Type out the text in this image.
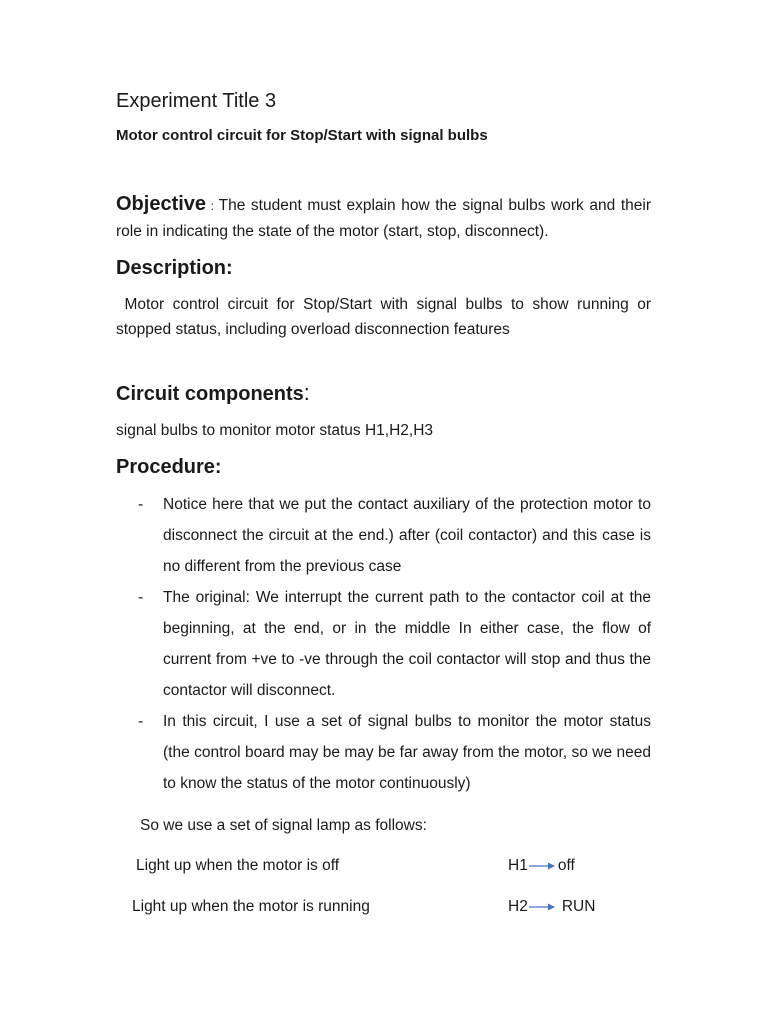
Experiment Title 3
Motor control circuit for Stop/Start with signal bulbs
Objective : The student must explain how the signal bulbs work and their role in indicating the state of the motor (start, stop, disconnect).
Description:
Motor control circuit for Stop/Start with signal bulbs to show running or stopped status, including overload disconnection features
Circuit components:
signal bulbs to monitor motor status H1,H2,H3
Procedure:
- Notice here that we put the contact auxiliary of the protection motor to disconnect the circuit at the end.) after (coil contactor) and this case is no different from the previous case
- The original: We interrupt the current path to the contactor coil at the beginning, at the end, or in the middle In either case, the flow of current from +ve to -ve through the coil contactor will stop and thus the contactor will disconnect.
- In this circuit, I use a set of signal bulbs to monitor the motor status (the control board may be may be far away from the motor, so we need to know the status of the motor continuously)
So we use a set of signal lamp as follows:
Light up when the motor is off	H1 off
Light up when the motor is running	H2 RUN
